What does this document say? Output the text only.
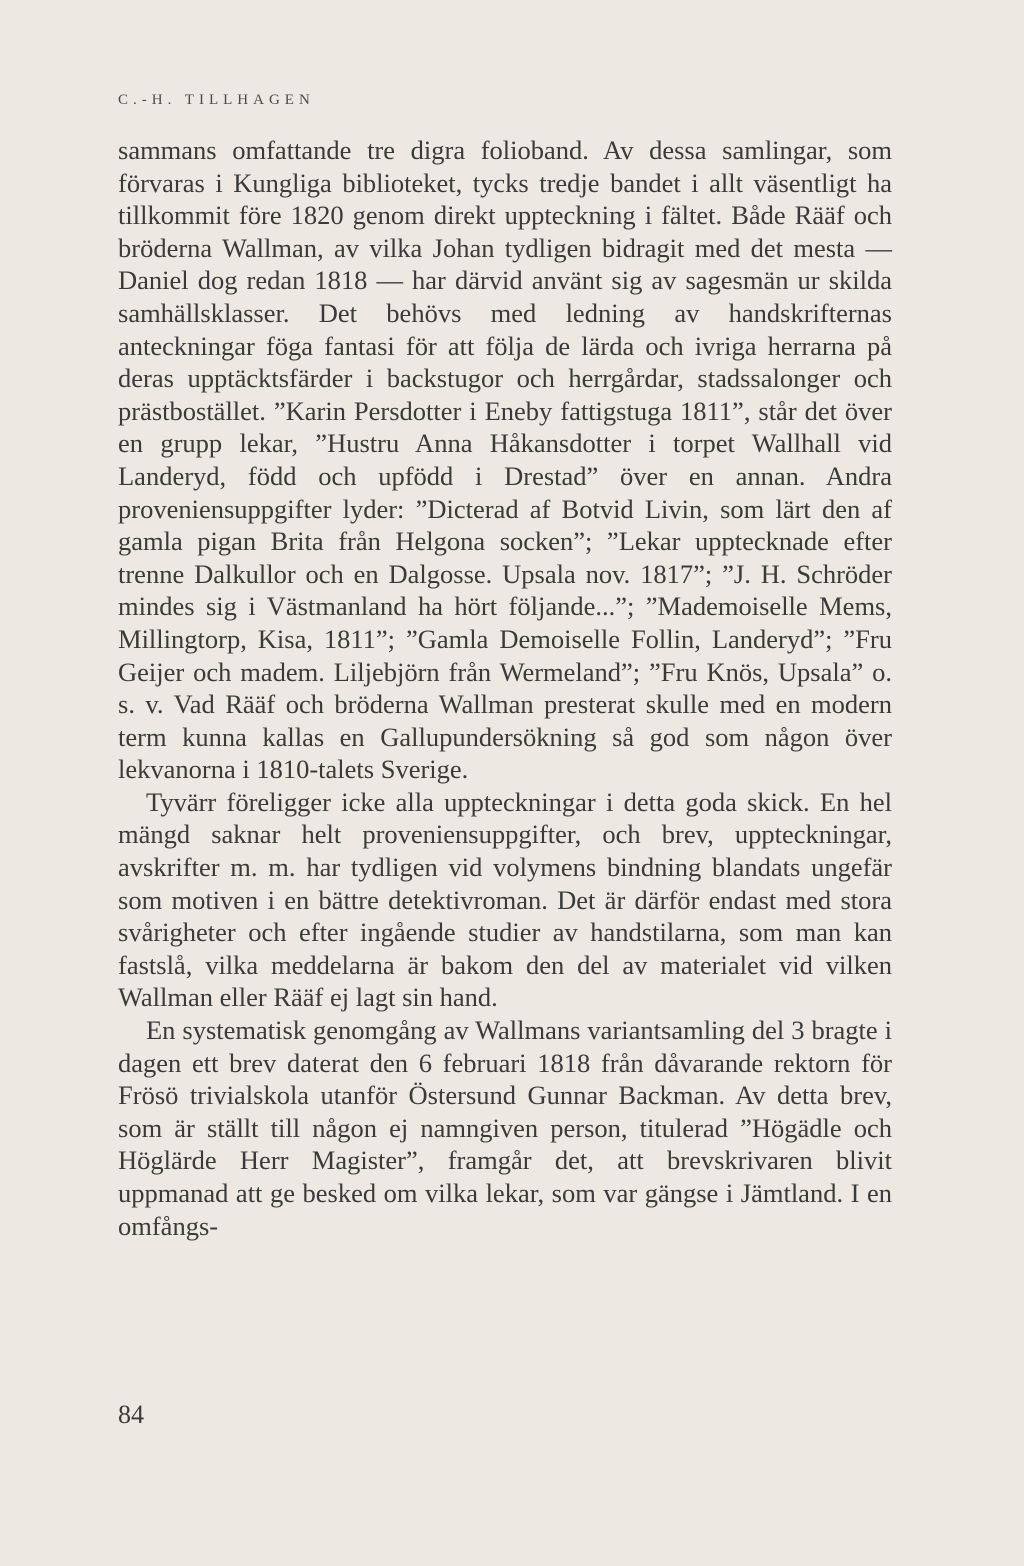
C.-H. TILLHAGEN

sammans omfattande tre digra folioband. Av dessa samlingar, som förvaras i Kungliga biblioteket, tycks tredje bandet i allt väsentligt ha tillkommit före 1820 genom direkt uppteckning i fältet. Både Rääf och bröderna Wallman, av vilka Johan tydligen bidragit med det mesta — Daniel dog redan 1818 — har därvid använt sig av sagesmän ur skilda samhällsklasser. Det behövs med ledning av handskrifternas anteckningar föga fantasi för att följa de lärda och ivriga herrarna på deras upptäcktsfärder i backstugor och herrgårdar, stadssalonger och prästbostället. ”Karin Persdotter i Eneby fattigstuga 1811”, står det över en grupp lekar, ”Hustru Anna Håkansdotter i torpet Wallhall vid Landeryd, född och upfödd i Drestad” över en annan. Andra proveniensuppgifter lyder: ”Dicterad af Botvid Livin, som lärt den af gamla pigan Brita från Helgona socken”; ”Lekar upptecknade efter trenne Dalkullor och en Dalgosse. Upsala nov. 1817”; ”J. H. Schröder mindes sig i Västmanland ha hört följande...”; ”Mademoiselle Mems, Millingtorp, Kisa, 1811”; ”Gamla Demoiselle Follin, Landeryd”; ”Fru Geijer och madem. Liljebjörn från Wermeland”; ”Fru Knös, Upsala” o. s. v. Vad Rääf och bröderna Wallman presterat skulle med en modern term kunna kallas en Gallupundersökning så god som någon över lekvanorna i 1810-talets Sverige.

Tyvärr föreligger icke alla uppteckningar i detta goda skick. En hel mängd saknar helt proveniensuppgifter, och brev, uppteckningar, avskrifter m. m. har tydligen vid volymens bindning blandats ungefär som motiven i en bättre detektivroman. Det är därför endast med stora svårigheter och efter ingående studier av handstilarna, som man kan fastslå, vilka meddelarna är bakom den del av materialet vid vilken Wallman eller Rääf ej lagt sin hand.

En systematisk genomgång av Wallmans variantsamling del 3 bragte i dagen ett brev daterat den 6 februari 1818 från dåvarande rektorn för Frösö trivialskola utanför Östersund Gunnar Backman. Av detta brev, som är ställt till någon ej namngiven person, titulerad ”Högädle och Höglärde Herr Magister”, framgår det, att brevskrivaren blivit uppmanad att ge besked om vilka lekar, som var gängse i Jämtland. I en omfångs-

84
